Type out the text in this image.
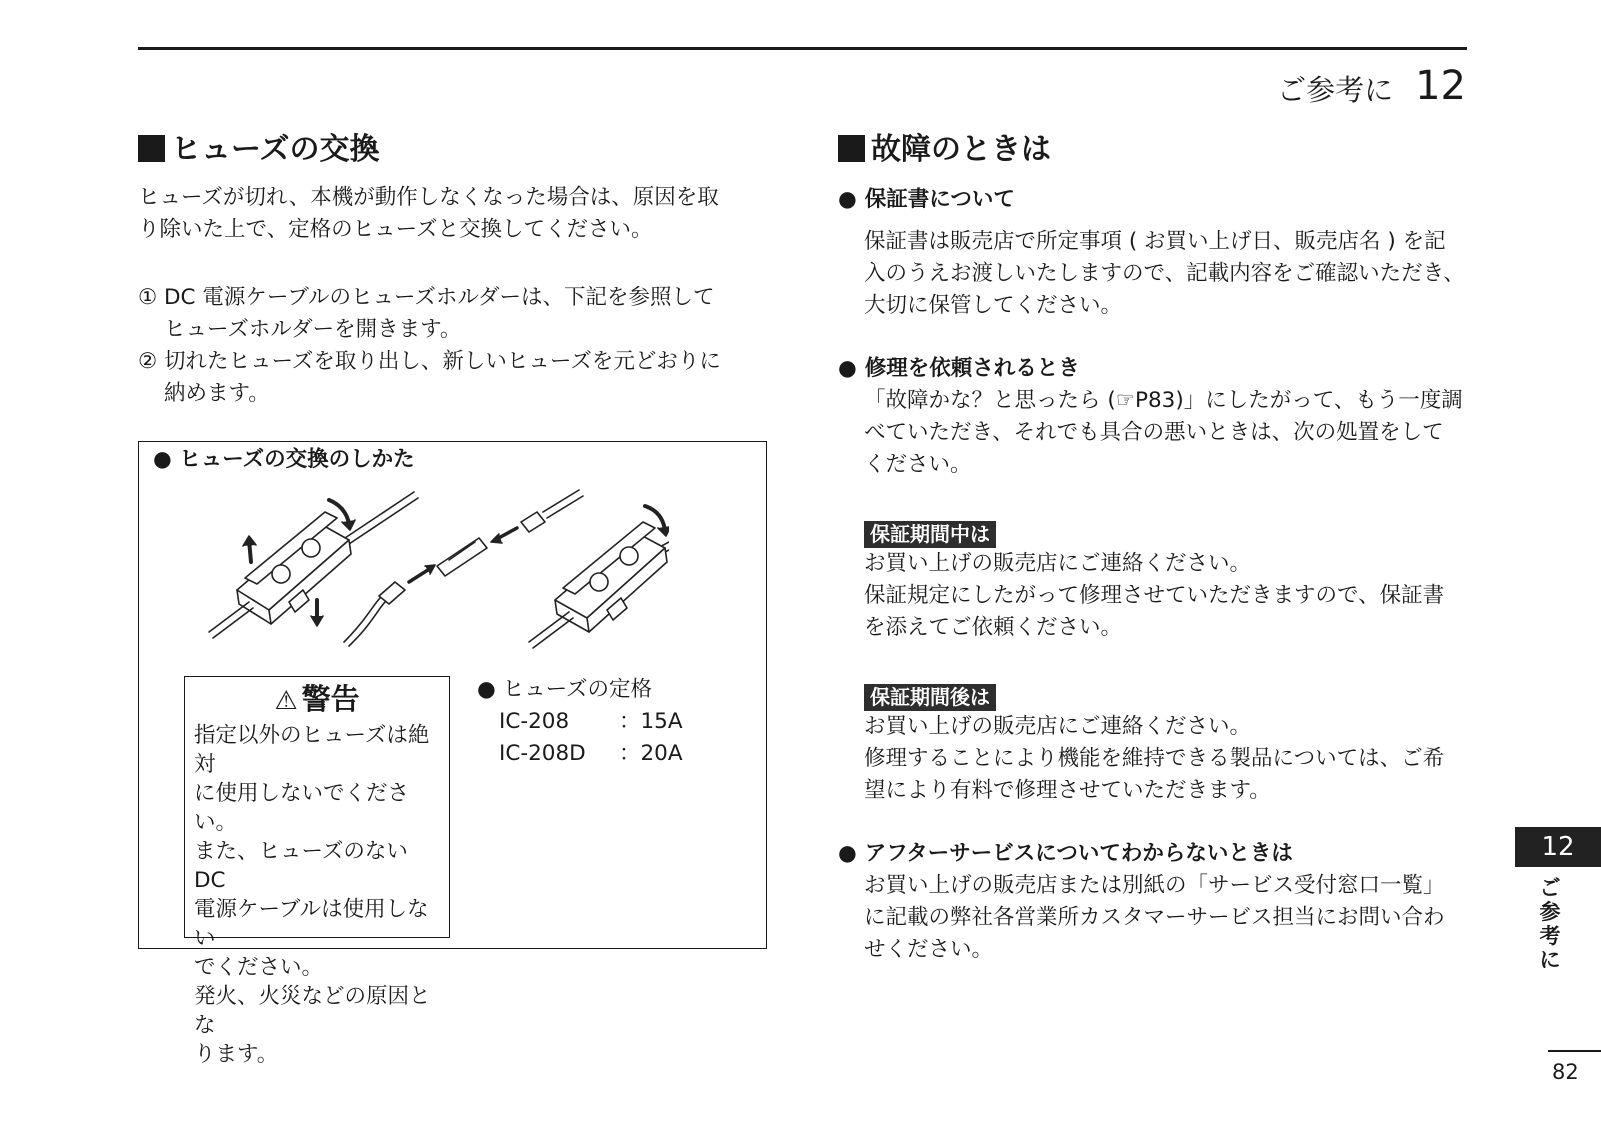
ご参考に 12
ヒューズの交換

ヒューズが切れ、本機が動作しなくなった場合は、原因を取

り除いた上で、定格のヒューズと交換してください。

① DC 電源ケーブルのヒューズホルダーは、下記を参照して
ヒューズホルダーを開きます。
② 切れたヒューズを取り出し、新しいヒューズを元どおりに
納めます。
● ヒューズの交換のしかた
⚠ 警告
指定以外のヒューズは絶対
に使用しないでください。
また、ヒューズのない DC
電源ケーブルは使用しない
でください。
発火、火災などの原因とな
ります。
● ヒューズの定格
IC-208	：15A
IC-208D	：20A
故障のときは
● 保証書について
保証書は販売店で所定事項 ( お買い上げ日、販売店名 ) を記
入のうえお渡しいたしますので、記載内容をご確認いただき、
大切に保管してください。
● 修理を依頼されるとき
「故障かな？と思ったら (☞P83)」にしたがって、もう一度調
べていただき、それでも具合の悪いときは、次の処置をして
ください。
保証期間中は
お買い上げの販売店にご連絡ください。
保証規定にしたがって修理させていただきますので、保証書
を添えてご依頼ください。
保証期間後は
お買い上げの販売店にご連絡ください。
修理することにより機能を維持できる製品については、ご希
望により有料で修理させていただきます。
● アフターサービスについてわからないときは
お買い上げの販売店または別紙の「サービス受付窓口一覧」
に記載の弊社各営業所カスタマーサービス担当にお問い合わ
せください。
12
ご
参
考
に
82
